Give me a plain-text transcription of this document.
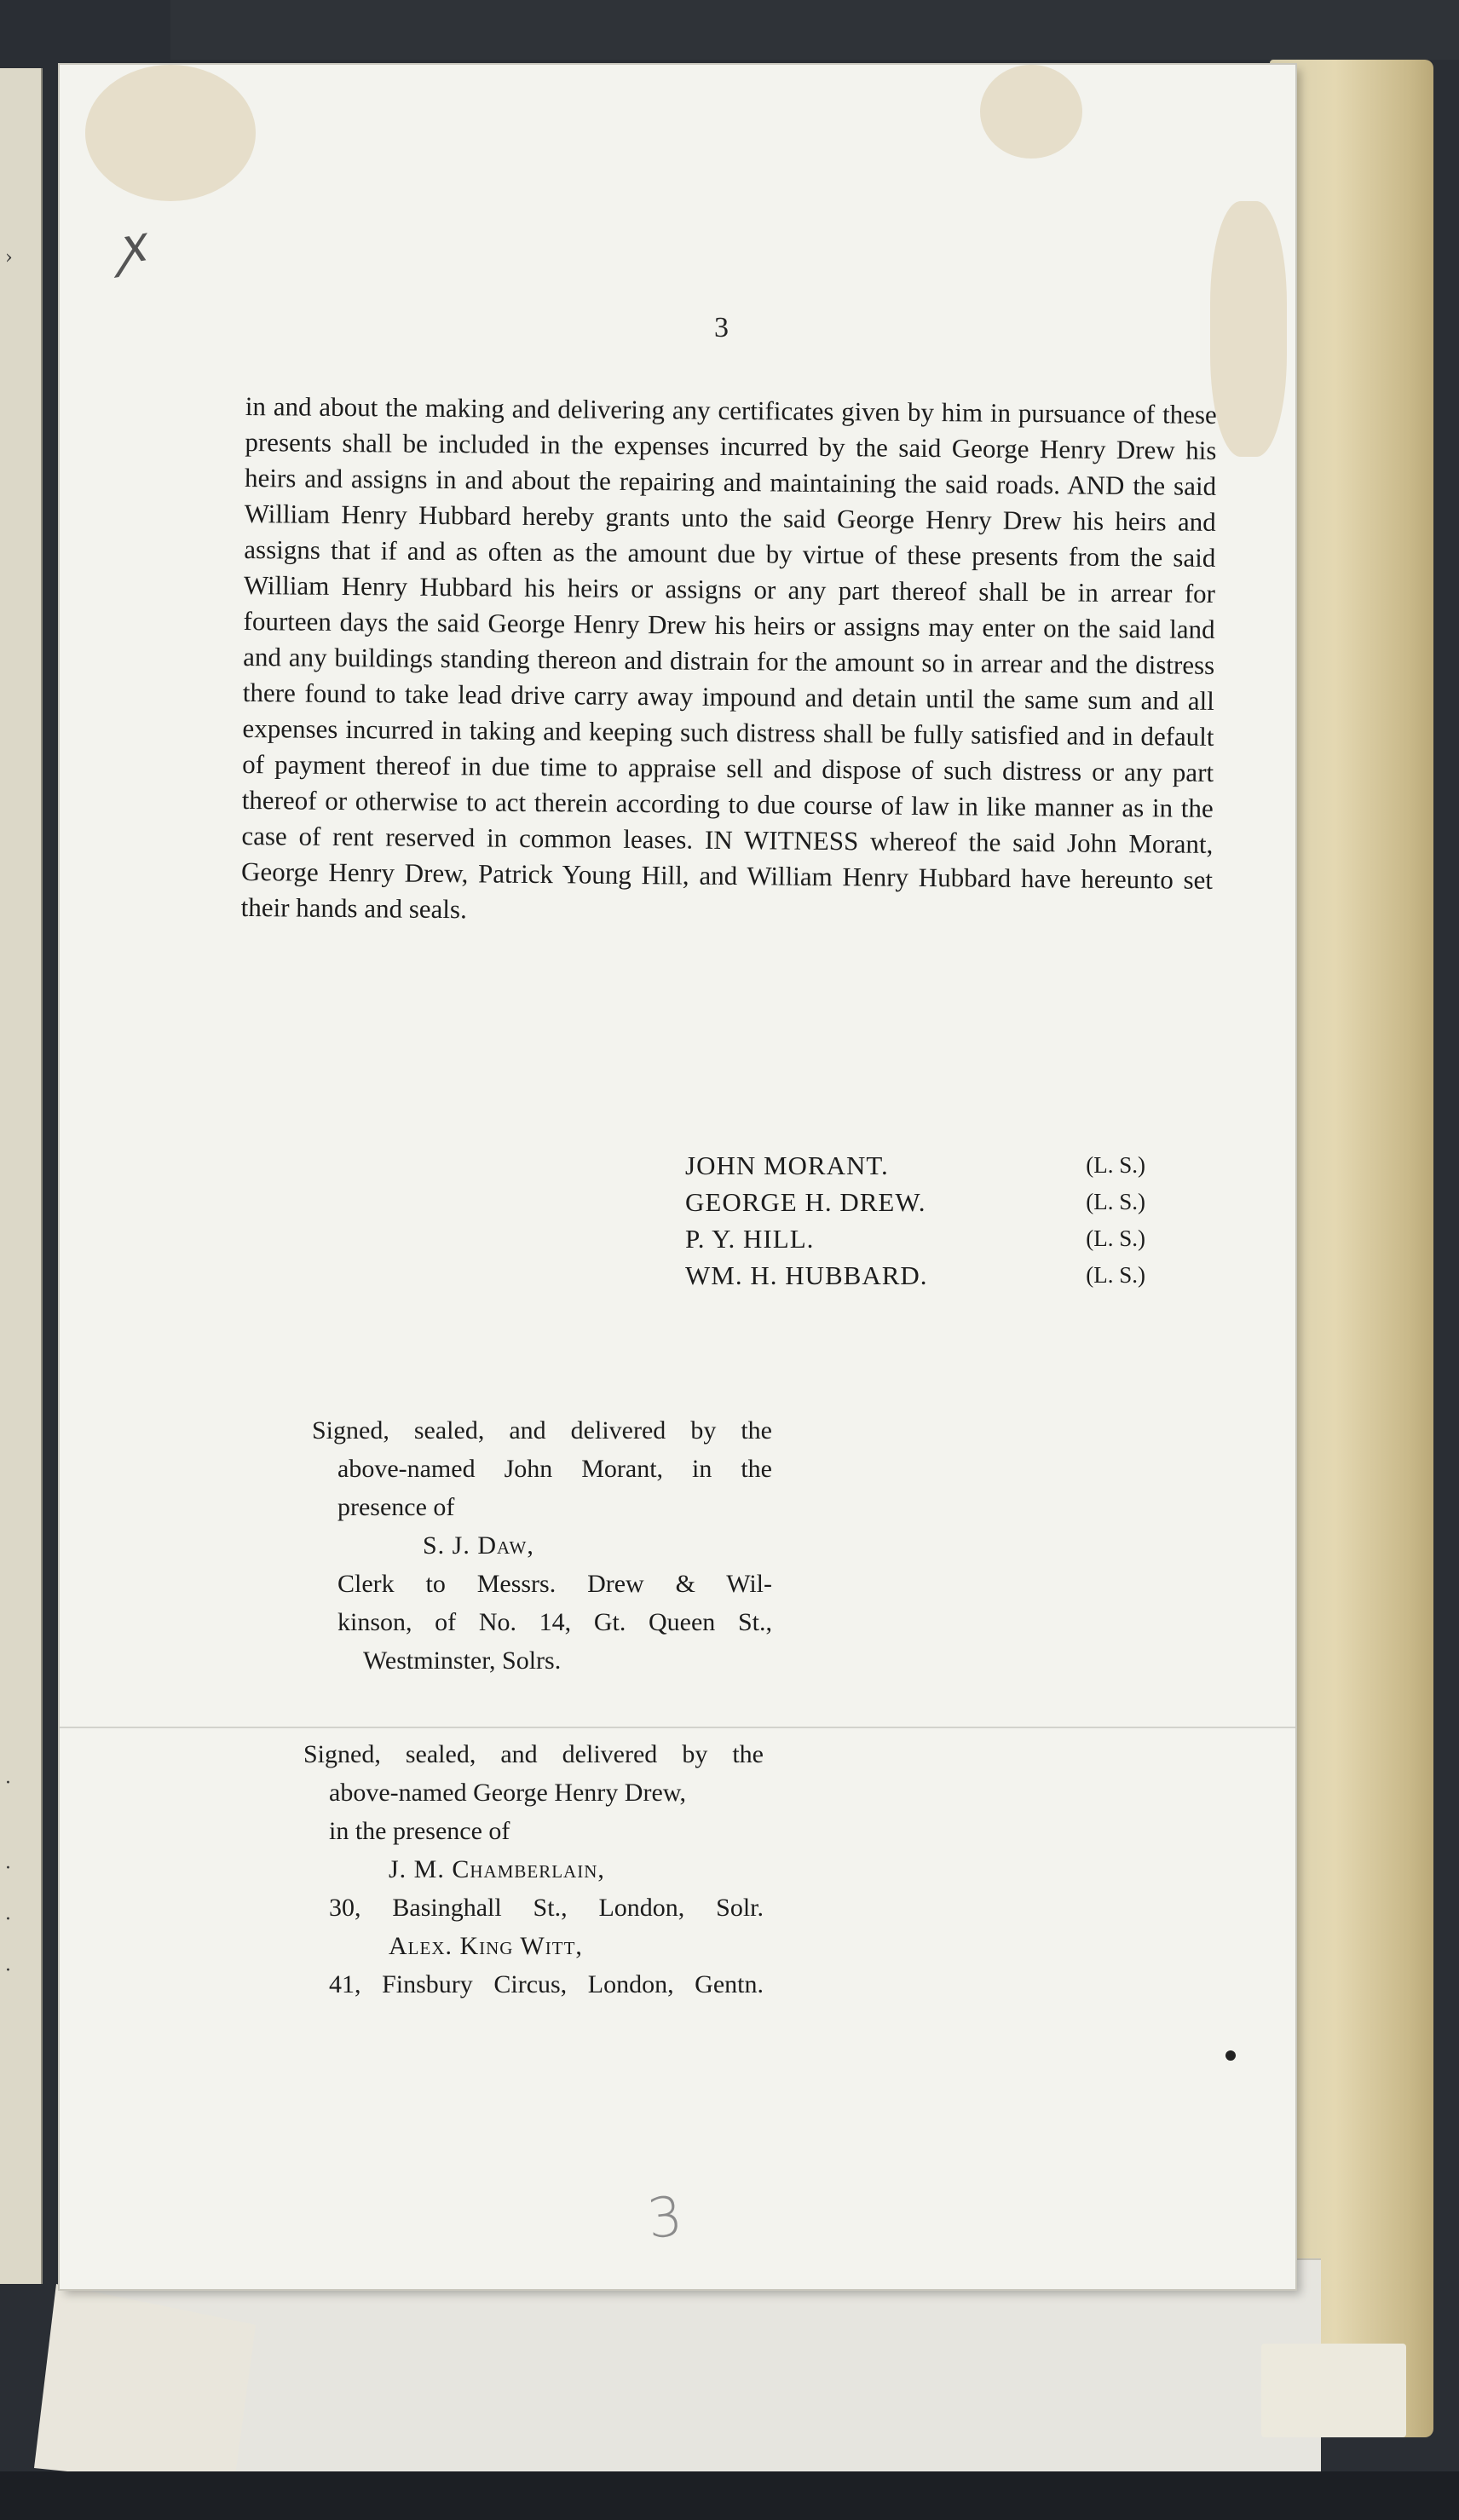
›
·
·
·
·
ꭗ
3
in and about the making and delivering any certificates given by him in pursuance of these presents shall be included in the expenses incurred by the said George Henry Drew his heirs and assigns in and about the repairing and maintaining the said roads. AND the said William Henry Hubbard hereby grants unto the said George Henry Drew his heirs and assigns that if and as often as the amount due by virtue of these presents from the said William Henry Hubbard his heirs or assigns or any part thereof shall be in arrear for fourteen days the said George Henry Drew his heirs or assigns may enter on the said land and any buildings standing thereon and distrain for the amount so in arrear and the distress there found to take lead drive carry away impound and detain until the same sum and all expenses incurred in taking and keeping such distress shall be fully satisfied and in default of payment thereof in due time to appraise sell and dispose of such distress or any part thereof or otherwise to act therein according to due course of law in like manner as in the case of rent reserved in common leases. IN WITNESS whereof the said John Morant, George Henry Drew, Patrick Young Hill, and William Henry Hubbard have hereunto set their hands and seals.
JOHN MORANT.	(L. S.)
GEORGE H. DREW.	(L. S.)
P. Y. HILL.	(L. S.)
WM. H. HUBBARD.	(L. S.)
Signed, sealed, and delivered by the
above-named John Morant, in the
presence of
S. J. Daw,
Clerk to Messrs. Drew & Wil-
kinson, of No. 14, Gt. Queen St.,
Westminster, Solrs.
Signed, sealed, and delivered by the
above-named George Henry Drew,
in the presence of
J. M. Chamberlain,
30, Basinghall St., London, Solr.
Alex. King Witt,
41, Finsbury Circus, London, Gentn.
3
